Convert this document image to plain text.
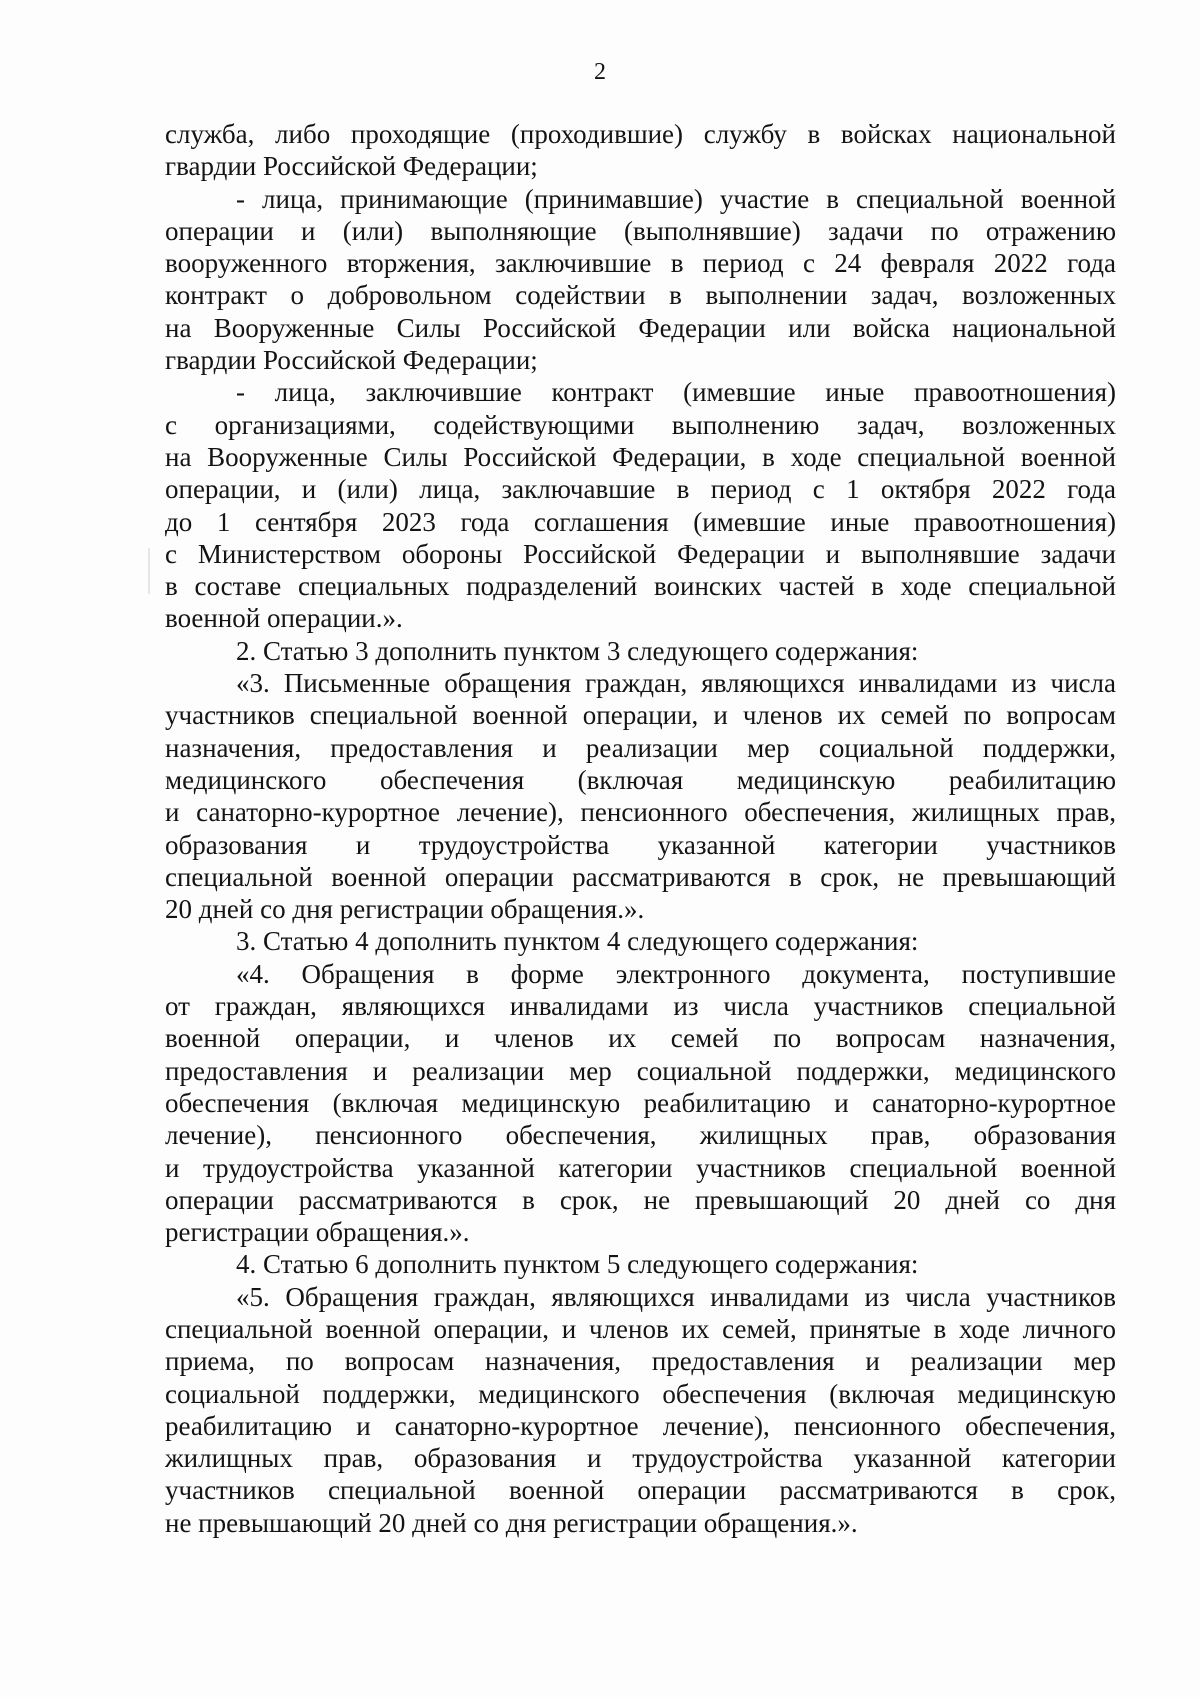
2
служба, либо проходящие (проходившие) службу в войсках национальной
гвардии Российской Федерации;
- лица, принимающие (принимавшие) участие в специальной военной
операции и (или) выполняющие (выполнявшие) задачи по отражению
вооруженного вторжения, заключившие в период с 24 февраля 2022 года
контракт о добровольном содействии в выполнении задач, возложенных
на Вооруженные Силы Российской Федерации или войска национальной
гвардии Российской Федерации;
- лица, заключившие контракт (имевшие иные правоотношения)
с организациями, содействующими выполнению задач, возложенных
на Вооруженные Силы Российской Федерации, в ходе специальной военной
операции, и (или) лица, заключавшие в период с 1 октября 2022 года
до 1 сентября 2023 года соглашения (имевшие иные правоотношения)
с Министерством обороны Российской Федерации и выполнявшие задачи
в составе специальных подразделений воинских частей в ходе специальной
военной операции.».
2. Статью 3 дополнить пунктом 3 следующего содержания:
«3. Письменные обращения граждан, являющихся инвалидами из числа
участников специальной военной операции, и членов их семей по вопросам
назначения, предоставления и реализации мер социальной поддержки,
медицинского обеспечения (включая медицинскую реабилитацию
и санаторно-курортное лечение), пенсионного обеспечения, жилищных прав,
образования и трудоустройства указанной категории участников
специальной военной операции рассматриваются в срок, не превышающий
20 дней со дня регистрации обращения.».
3. Статью 4 дополнить пунктом 4 следующего содержания:
«4. Обращения в форме электронного документа, поступившие
от граждан, являющихся инвалидами из числа участников специальной
военной операции, и членов их семей по вопросам назначения,
предоставления и реализации мер социальной поддержки, медицинского
обеспечения (включая медицинскую реабилитацию и санаторно-курортное
лечение), пенсионного обеспечения, жилищных прав, образования
и трудоустройства указанной категории участников специальной военной
операции рассматриваются в срок, не превышающий 20 дней со дня
регистрации обращения.».
4. Статью 6 дополнить пунктом 5 следующего содержания:
«5. Обращения граждан, являющихся инвалидами из числа участников
специальной военной операции, и членов их семей, принятые в ходе личного
приема, по вопросам назначения, предоставления и реализации мер
социальной поддержки, медицинского обеспечения (включая медицинскую
реабилитацию и санаторно-курортное лечение), пенсионного обеспечения,
жилищных прав, образования и трудоустройства указанной категории
участников специальной военной операции рассматриваются в срок,
не превышающий 20 дней со дня регистрации обращения.».
